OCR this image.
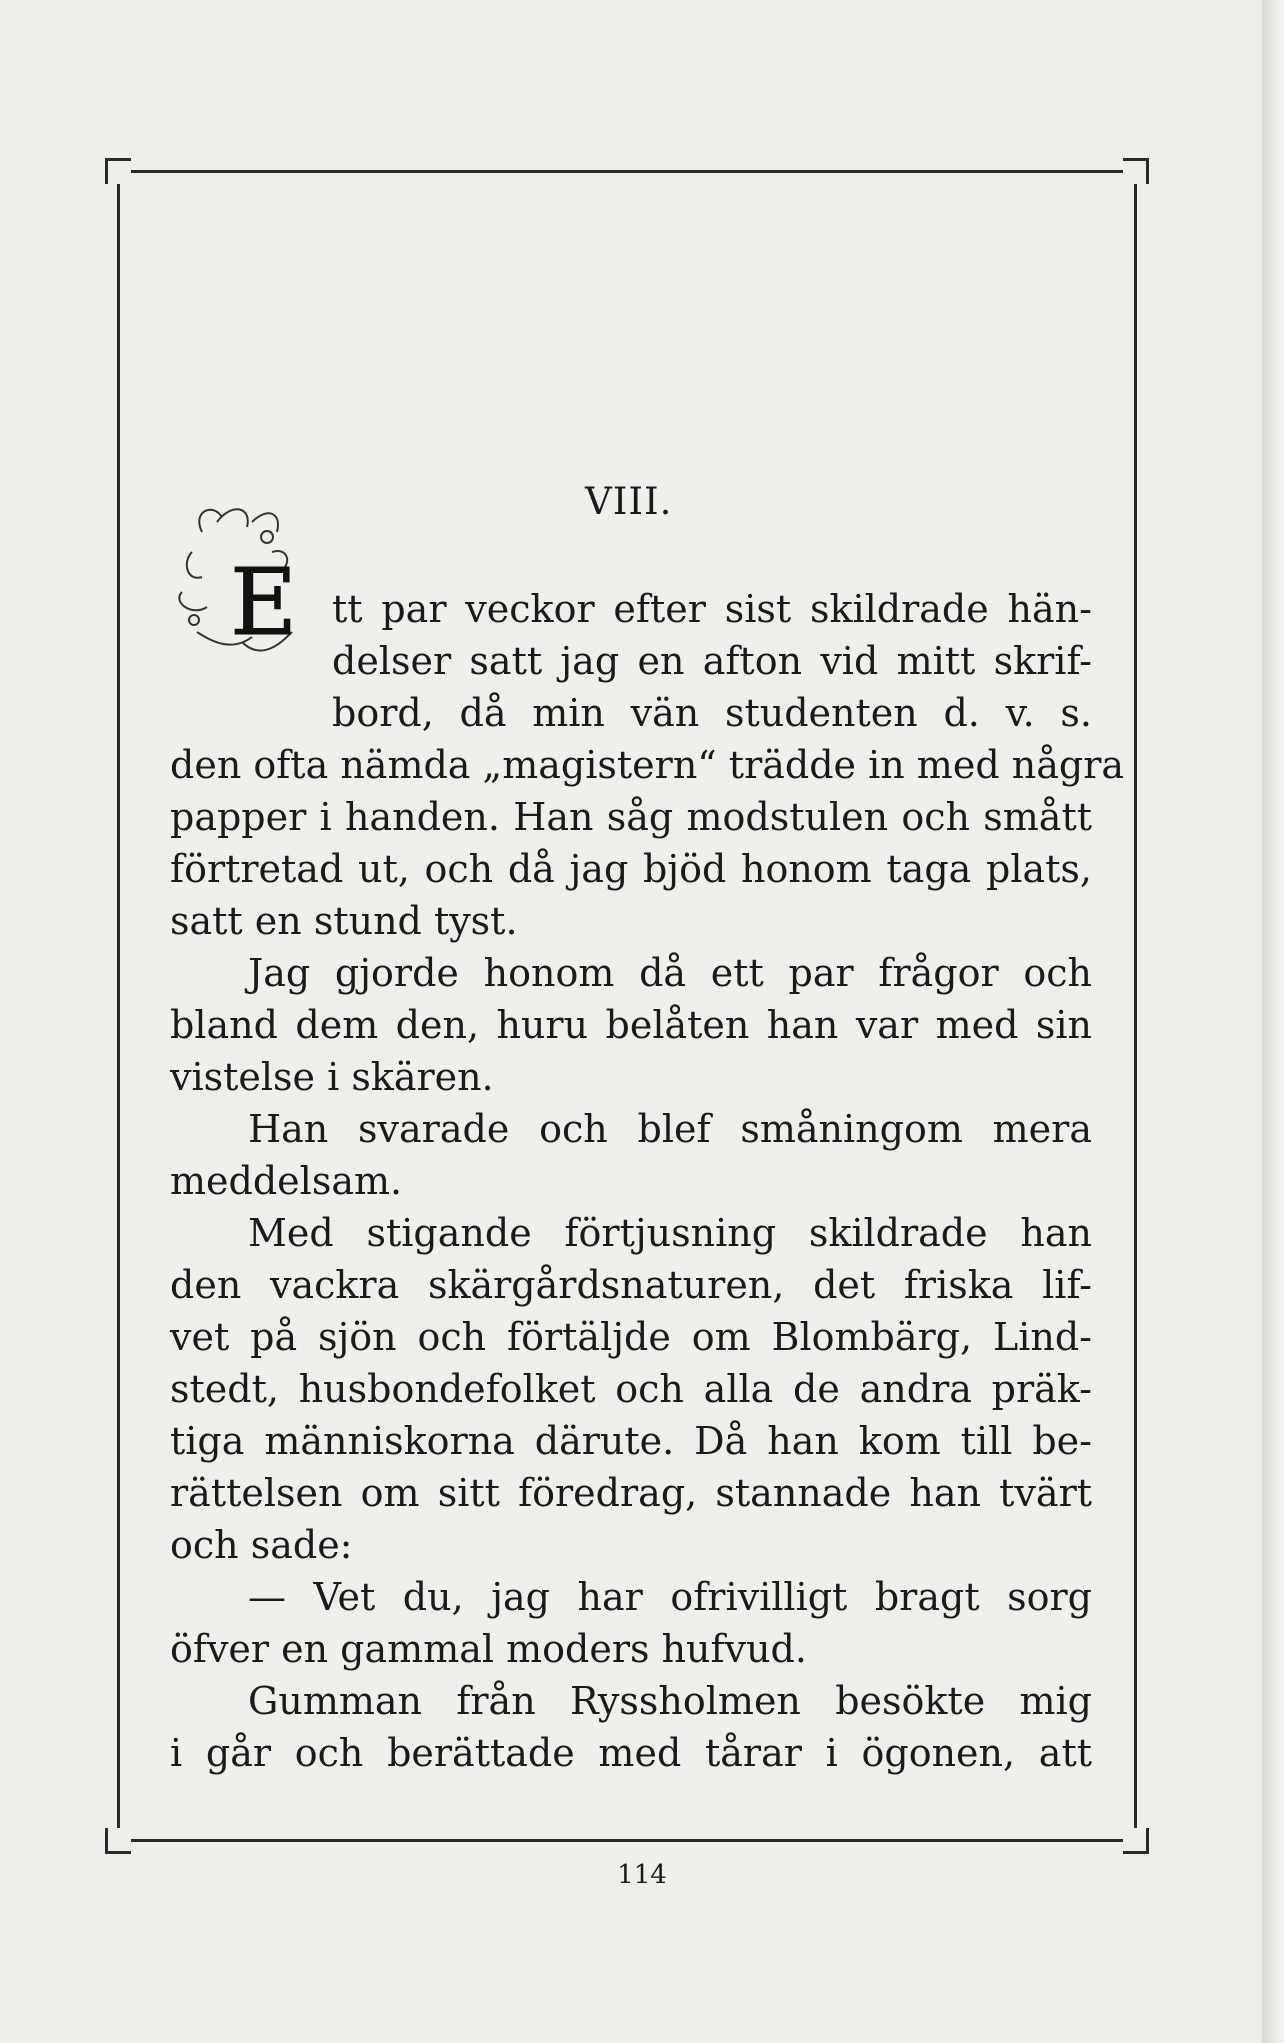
VIII.
E tt par veckor efter sist skildrade hän-
delser satt jag en afton vid mitt skrif-
bord, då min vän studenten d. v. s.
den ofta nämda „magistern“ trädde in med några
papper i handen. Han såg modstulen och smått
förtretad ut, och då jag bjöd honom taga plats,
satt en stund tyst.
Jag gjorde honom då ett par frågor och
bland dem den, huru belåten han var med sin
vistelse i skären.
Han svarade och blef småningom mera
meddelsam.
Med stigande förtjusning skildrade han
den vackra skärgårdsnaturen, det friska lif-
vet på sjön och förtäljde om Blombärg, Lind-
stedt, husbondefolket och alla de andra präk-
tiga människorna därute. Då han kom till be-
rättelsen om sitt föredrag, stannade han tvärt
och sade:
— Vet du, jag har ofrivilligt bragt sorg
öfver en gammal moders hufvud.
Gumman från Ryssholmen besökte mig
i går och berättade med tårar i ögonen, att
114
